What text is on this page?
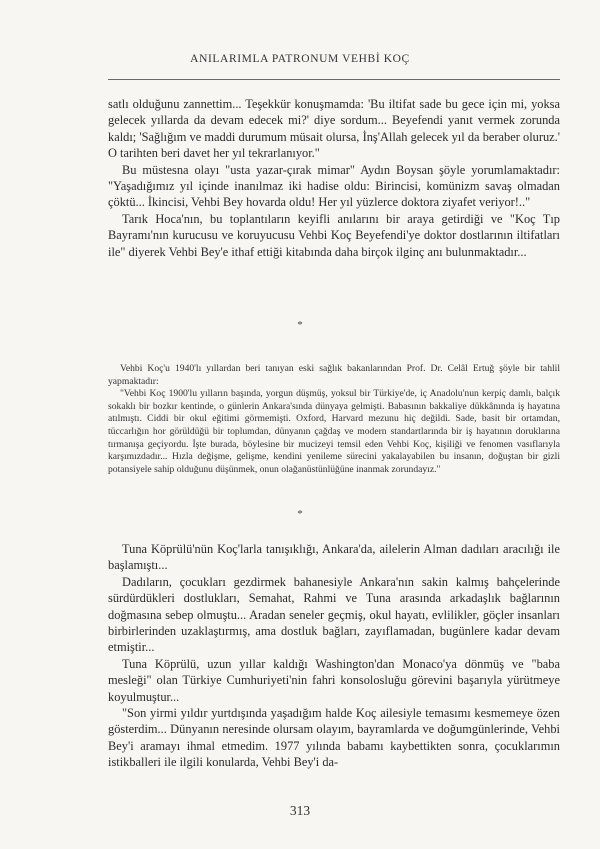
ANILARIMLA PATRONUM VEHBİ KOÇ

satlı olduğunu zannettim... Teşekkür konuşmamda: 'Bu iltifat sade bu gece için mi, yoksa gelecek yıllarda da devam edecek mi?' diye sordum... Beyefendi yanıt vermek zorunda kaldı; 'Sağlığım ve maddi durumum müsait olursa, İnş'Allah gelecek yıl da beraber oluruz.' O tarihten beri davet her yıl tekrarlanıyor."

Bu müstesna olayı "usta yazar-çırak mimar" Aydın Boysan şöyle yorumlamaktadır: "Yaşadığımız yıl içinde inanılmaz iki hadise oldu: Birincisi, komünizm savaş olmadan çöktü... İkincisi, Vehbi Bey hovarda oldu! Her yıl yüzlerce doktora ziyafet veriyor!.."

Tarık Hoca'nın, bu toplantıların keyifli anılarını bir araya getirdiği ve "Koç Tıp Bayramı'nın kurucusu ve koruyucusu Vehbi Koç Beyefendi'ye doktor dostlarının iltifatları ile" diyerek Vehbi Bey'e ithaf ettiği kitabında daha birçok ilginç anı bulunmaktadır...

*

Vehbi Koç'u 1940'lı yıllardan beri tanıyan eski sağlık bakanlarından Prof. Dr. Celâl Ertuğ şöyle bir tahlil yapmaktadır:

"Vehbi Koç 1900'lu yılların başında, yorgun düşmüş, yoksul bir Türkiye'de, iç Anadolu'nun kerpiç damlı, balçık sokaklı bir bozkır kentinde, o günlerin Ankara'sında dünyaya gelmişti. Babasının bakkaliye dükkânında iş hayatına atılmıştı. Ciddi bir okul eğitimi görmemişti. Oxford, Harvard mezunu hiç değildi. Sade, basit bir ortamdan, tüccarlığın hor görüldüğü bir toplumdan, dünyanın çağdaş ve modern standartlarında bir iş hayatının doruklarına tırmanışa geçiyordu. İşte burada, böylesine bir mucizeyi temsil eden Vehbi Koç, kişiliği ve fenomen vasıflarıyla karşımızdadır... Hızla değişme, gelişme, kendini yenileme sürecini yakalayabilen bu insanın, doğuştan bir gizli potansiyele sahip olduğunu düşünmek, onun olağanüstünlüğüne inanmak zorundayız."

*

Tuna Köprülü'nün Koç'larla tanışıklığı, Ankara'da, ailelerin Alman dadıları aracılığı ile başlamıştı...

Dadıların, çocukları gezdirmek bahanesiyle Ankara'nın sakin kalmış bahçelerinde sürdürdükleri dostlukları, Semahat, Rahmi ve Tuna arasında arkadaşlık bağlarının doğmasına sebep olmuştu... Aradan seneler geçmiş, okul hayatı, evlilikler, göçler insanları birbirlerinden uzaklaştırmış, ama dostluk bağları, zayıflamadan, bugünlere kadar devam etmiştir...

Tuna Köprülü, uzun yıllar kaldığı Washington'dan Monaco'ya dönmüş ve "baba mesleği" olan Türkiye Cumhuriyeti'nin fahri konsolosluğu görevini başarıyla yürütmeye koyulmuştur...

"Son yirmi yıldır yurtdışında yaşadığım halde Koç ailesiyle temasımı kesmemeye özen gösterdim... Dünyanın neresinde olursam olayım, bayramlarda ve doğumgünlerinde, Vehbi Bey'i aramayı ihmal etmedim. 1977 yılında babamı kaybettikten sonra, çocuklarımın istikballeri ile ilgili konularda, Vehbi Bey'i da-

313
